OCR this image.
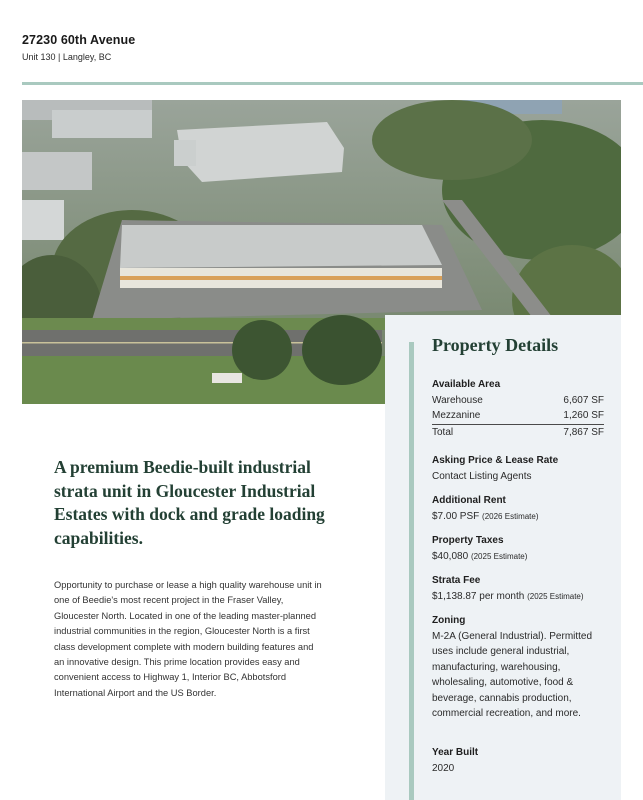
27230 60th Avenue
Unit 130 | Langley, BC
A premium Beedie-built industrial strata unit in Gloucester Industrial Estates with dock and grade loading capabilities.
Opportunity to purchase or lease a high quality warehouse unit in one of Beedie's most recent project in the Fraser Valley, Gloucester North. Located in one of the leading master-planned industrial communities in the region, Gloucester North is a first class development complete with modern building features and an innovative design. This prime location provides easy and convenient access to Highway 1, Interior BC, Abbotsford International Airport and the US Border.
Property Details
Available Area
Warehouse	6,607 SF
Mezzanine	1,260 SF
Total	7,867 SF
Asking Price & Lease Rate
Contact Listing Agents
Additional Rent
$7.00 PSF (2026 Estimate)
Property Taxes
$40,080 (2025 Estimate)
Strata Fee
$1,138.87 per month (2025 Estimate)
Zoning
M-2A (General Industrial). Permitted uses include general industrial, manufacturing, warehousing, wholesaling, automotive, food & beverage, cannabis production, commercial recreation, and more.
Year Built
2020
